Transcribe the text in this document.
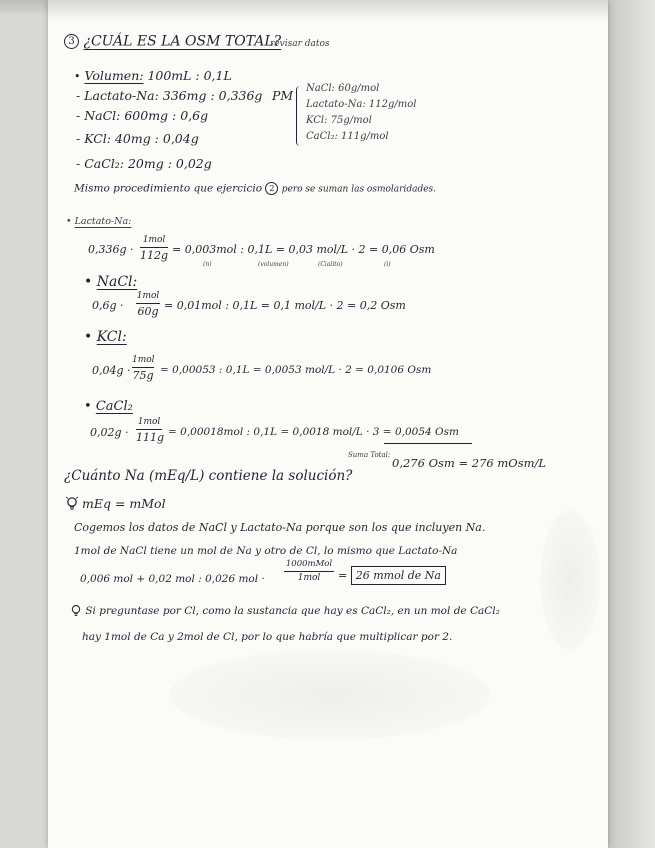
3 ¿CUÁL ES LA OSM TOTAL?
revisar datos
• Volumen: 100mL : 0,1L
- Lactato-Na: 336mg : 0,336g
- NaCl: 600mg : 0,6g
- KCl: 40mg : 0,04g
- CaCl₂: 20mg : 0,02g
PM NaCl: 60g/mol
Lactato-Na: 112g/mol
KCl: 75g/mol
CaCl₂: 111g/mol
Mismo procedimiento que ejercicio 2 pero se suman las osmolaridades.
• Lactato-Na:
0,336g ·
1mol
112g = 0,003mol : 0,1L = 0,03 mol/L · 2 = 0,06 Osm
(n)	(volumen)	(Cialito)	(i)
• NaCl:
0,6g ·
1mol
60g = 0,01mol : 0,1L = 0,1 mol/L · 2 = 0,2 Osm
• KCl:
0,04g ·
1mol
75g = 0,00053 : 0,1L = 0,0053 mol/L · 2 = 0,0106 Osm
• CaCl₂
0,02g ·
1mol
111g = 0,00018mol : 0,1L = 0,0018 mol/L · 3 = 0,0054 Osm
Suma Total:
0,276 Osm = 276 mOsm/L
¿Cuánto Na (mEq/L) contiene la solución?
mEq = mMol
Cogemos los datos de NaCl y Lactato-Na porque son los que incluyen Na.
1mol de NaCl tiene un mol de Na y otro de Cl, lo mismo que Lactato-Na
0,006 mol + 0,02 mol : 0,026 mol ·
1000mMol
1mol	= 26 mmol de Na
Si preguntase por Cl, como la sustancia que hay es CaCl₂, en un mol de CaCl₂
hay 1mol de Ca y 2mol de Cl, por lo que habría que multiplicar por 2.
